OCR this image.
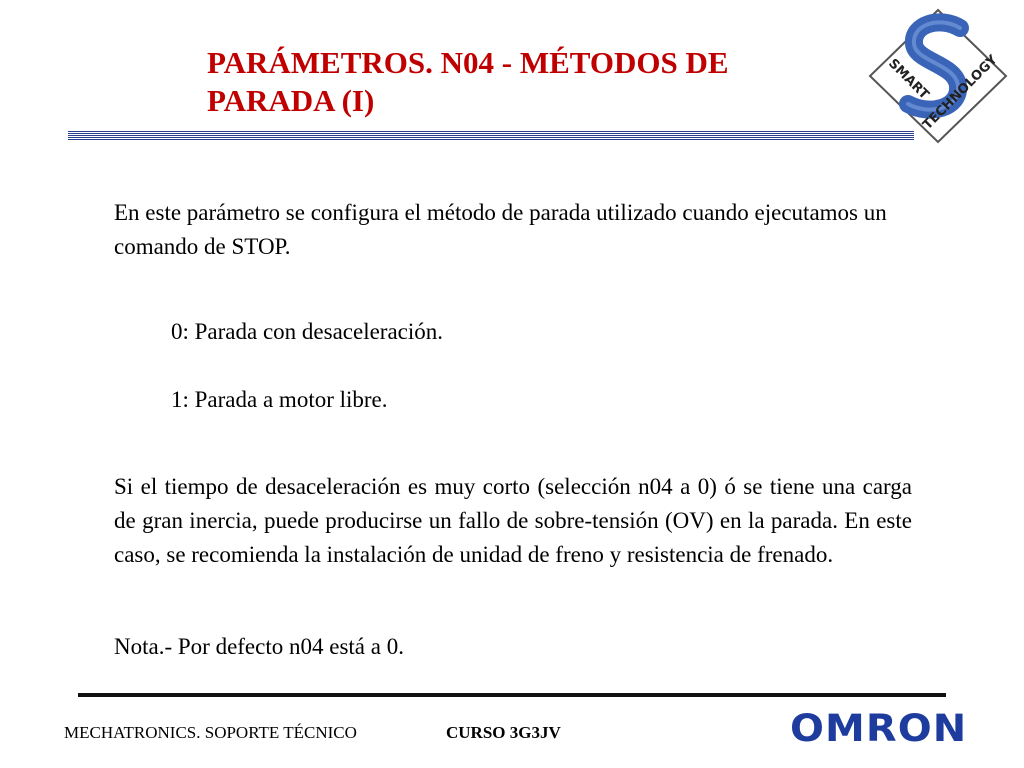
PARÁMETROS. N04 - MÉTODOS DE PARADA (I)	SMART
TECHNOLOGY

En este parámetro se configura el método de parada utilizado cuando ejecutamos un comando de STOP.

0: Parada con desaceleración.

1: Parada a motor libre.

Si el tiempo de desaceleración es muy corto (selección n04 a 0) ó se tiene una carga de gran inercia, puede producirse un fallo de sobre-tensión (OV) en la parada. En este caso, se recomienda la instalación de unidad de freno y resistencia de frenado.

Nota.- Por defecto n04 está a 0.

MECHATRONICS. SOPORTE TÉCNICO	CURSO 3G3JV	OMRON
